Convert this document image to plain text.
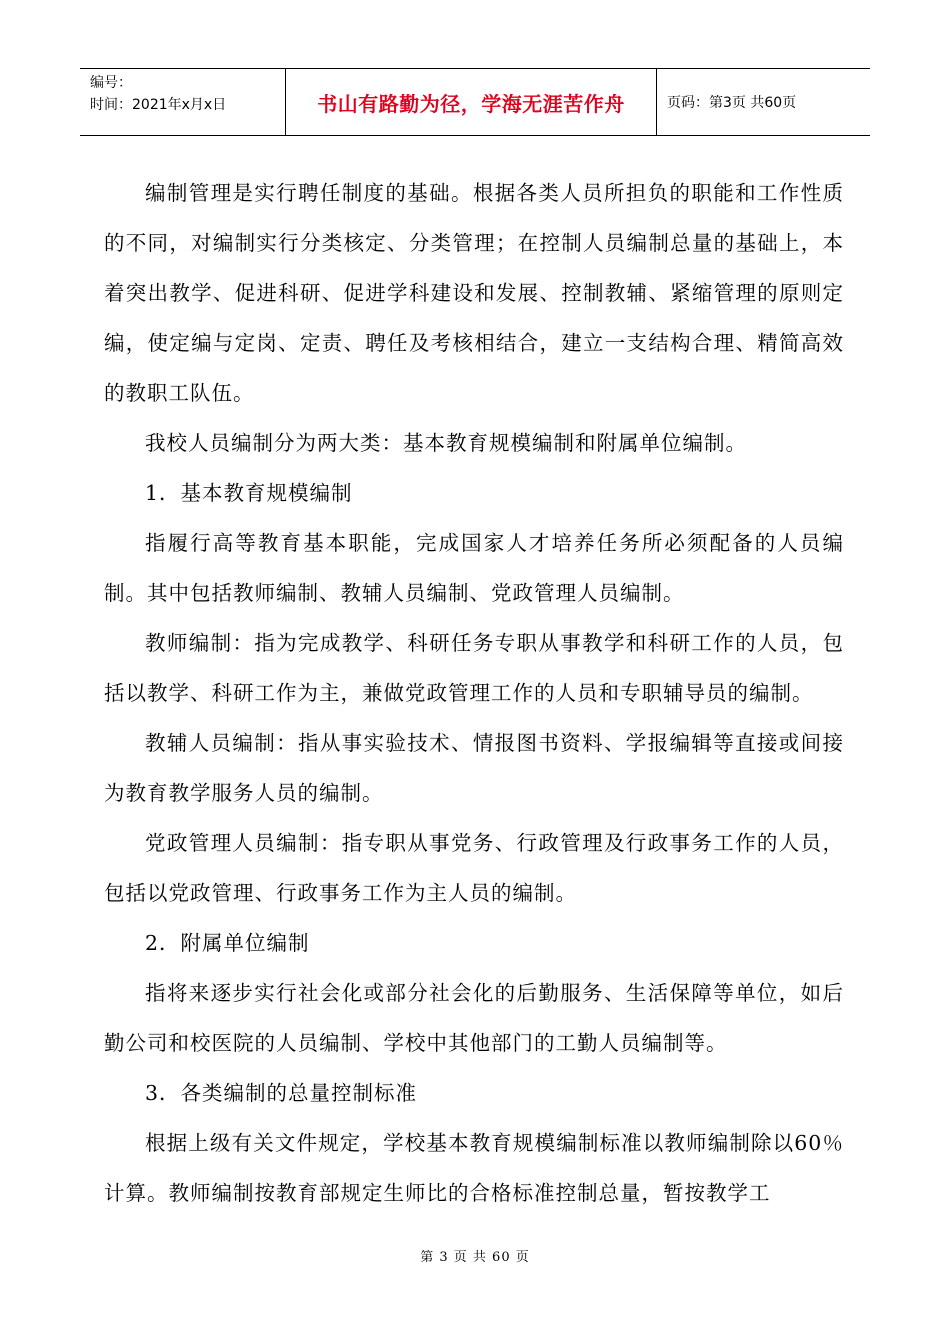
编号：
时间：2021年x月x日	书山有路勤为径，学海无涯苦作舟	页码：第3页 共60页

编制管理是实行聘任制度的基础。根据各类人员所担负的职能和工作性质的不同，对编制实行分类核定、分类管理；在控制人员编制总量的基础上，本着突出教学、促进科研、促进学科建设和发展、控制教辅、紧缩管理的原则定编，使定编与定岗、定责、聘任及考核相结合，建立一支结构合理、精简高效的教职工队伍。

我校人员编制分为两大类：基本教育规模编制和附属单位编制。

1．基本教育规模编制

指履行高等教育基本职能，完成国家人才培养任务所必须配备的人员编制。其中包括教师编制、教辅人员编制、党政管理人员编制。

教师编制：指为完成教学、科研任务专职从事教学和科研工作的人员，包括以教学、科研工作为主，兼做党政管理工作的人员和专职辅导员的编制。

教辅人员编制：指从事实验技术、情报图书资料、学报编辑等直接或间接为教育教学服务人员的编制。

党政管理人员编制：指专职从事党务、行政管理及行政事务工作的人员，包括以党政管理、行政事务工作为主人员的编制。

2．附属单位编制

指将来逐步实行社会化或部分社会化的后勤服务、生活保障等单位，如后勤公司和校医院的人员编制、学校中其他部门的工勤人员编制等。

3．各类编制的总量控制标准

根据上级有关文件规定，学校基本教育规模编制标准以教师编制除以60％计算。教师编制按教育部规定生师比的合格标准控制总量，暂按教学工

第 3 页 共 60 页
